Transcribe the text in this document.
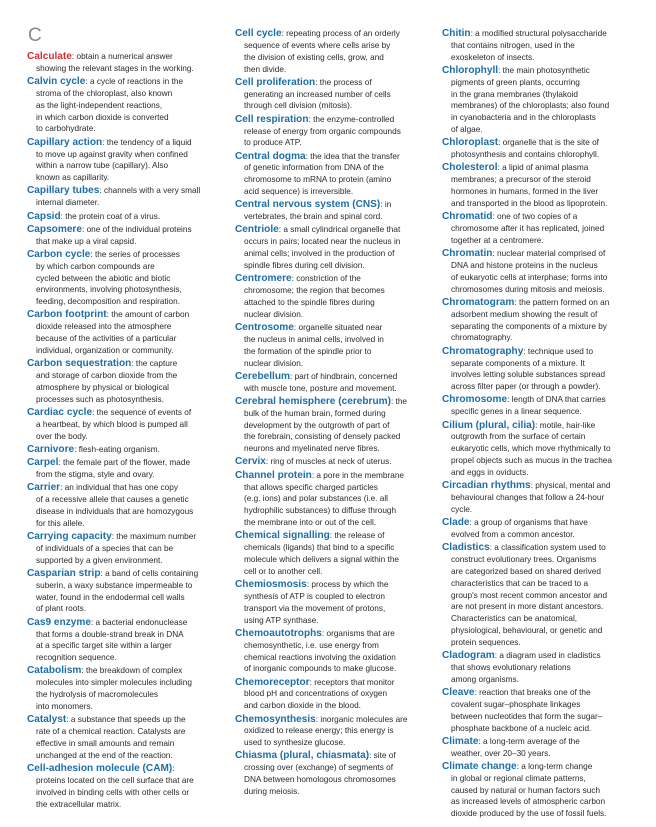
C
Calculate: obtain a numerical answer
showing the relevant stages in the working.
Calvin cycle: a cycle of reactions in the
stroma of the chloroplast, also known
as the light-independent reactions,
in which carbon dioxide is converted
to carbohydrate.
Capillary action: the tendency of a liquid
to move up against gravity when confined
within a narrow tube (capillary). Also
known as capillarity.
Capillary tubes: channels with a very small
internal diameter.
Capsid: the protein coat of a virus.
Capsomere: one of the individual proteins
that make up a viral capsid.
Carbon cycle: the series of processes
by which carbon compounds are
cycled between the abiotic and biotic
environments, involving photosynthesis,
feeding, decomposition and respiration.
Carbon footprint: the amount of carbon
dioxide released into the atmosphere
because of the activities of a particular
individual, organization or community.
Carbon sequestration: the capture
and storage of carbon dioxide from the
atmosphere by physical or biological
processes such as photosynthesis.
Cardiac cycle: the sequence of events of
a heartbeat, by which blood is pumped all
over the body.
Carnivore: flesh-eating organism.
Carpel: the female part of the flower, made
from the stigma, style and ovary.
Carrier: an individual that has one copy
of a recessive allele that causes a genetic
disease in individuals that are homozygous
for this allele.
Carrying capacity: the maximum number
of individuals of a species that can be
supported by a given environment.
Casparian strip: a band of cells containing
suberin, a waxy substance impermeable to
water, found in the endodermal cell walls
of plant roots.
Cas9 enzyme: a bacterial endonuclease
that forms a double-strand break in DNA
at a specific target site within a larger
recognition sequence.
Catabolism: the breakdown of complex
molecules into simpler molecules including
the hydrolysis of macromolecules
into monomers.
Catalyst: a substance that speeds up the
rate of a chemical reaction. Catalysts are
effective in small amounts and remain
unchanged at the end of the reaction.
Cell-adhesion molecule (CAM):
proteins located on the cell surface that are
involved in binding cells with other cells or
the extracellular matrix.
Cell cycle: repeating process of an orderly
sequence of events where cells arise by
the division of existing cells, grow, and
then divide.
Cell proliferation: the process of
generating an increased number of cells
through cell division (mitosis).
Cell respiration: the enzyme-controlled
release of energy from organic compounds
to produce ATP.
Central dogma: the idea that the transfer
of genetic information from DNA of the
chromosome to mRNA to protein (amino
acid sequence) is irreversible.
Central nervous system (CNS): in
vertebrates, the brain and spinal cord.
Centriole: a small cylindrical organelle that
occurs in pairs; located near the nucleus in
animal cells; involved in the production of
spindle fibres during cell division.
Centromere: constriction of the
chromosome; the region that becomes
attached to the spindle fibres during
nuclear division.
Centrosome: organelle situated near
the nucleus in animal cells, involved in
the formation of the spindle prior to
nuclear division.
Cerebellum: part of hindbrain, concerned
with muscle tone, posture and movement.
Cerebral hemisphere (cerebrum): the
bulk of the human brain, formed during
development by the outgrowth of part of
the forebrain, consisting of densely packed
neurons and myelinated nerve fibres.
Cervix: ring of muscles at neck of uterus.
Channel protein: a pore in the membrane
that allows specific charged particles
(e.g. ions) and polar substances (i.e. all
hydrophilic substances) to diffuse through
the membrane into or out of the cell.
Chemical signalling: the release of
chemicals (ligands) that bind to a specific
molecule which delivers a signal within the
cell or to another cell.
Chemiosmosis: process by which the
synthesis of ATP is coupled to electron
transport via the movement of protons,
using ATP synthase.
Chemoautotrophs: organisms that are
chemosynthetic, i.e. use energy from
chemical reactions involving the oxidation
of inorganic compounds to make glucose.
Chemoreceptor: receptors that monitor
blood pH and concentrations of oxygen
and carbon dioxide in the blood.
Chemosynthesis: inorganic molecules are
oxidized to release energy; this energy is
used to synthesize glucose.
Chiasma (plural, chiasmata): site of
crossing over (exchange) of segments of
DNA between homologous chromosomes
during meiosis.
Chitin: a modified structural polysaccharide
that contains nitrogen, used in the
exoskeleton of insects.
Chlorophyll: the main photosynthetic
pigments of green plants, occurring
in the grana membranes (thylakoid
membranes) of the chloroplasts; also found
in cyanobacteria and in the chloroplasts
of algae.
Chloroplast: organelle that is the site of
photosynthesis and contains chlorophyll.
Cholesterol: a lipid of animal plasma
membranes; a precursor of the steroid
hormones in humans, formed in the liver
and transported in the blood as lipoprotein.
Chromatid: one of two copies of a
chromosome after it has replicated, joined
together at a centromere.
Chromatin: nuclear material comprised of
DNA and histone proteins in the nucleus
of eukaryotic cells at interphase; forms into
chromosomes during mitosis and meiosis.
Chromatogram: the pattern formed on an
adsorbent medium showing the result of
separating the components of a mixture by
chromatography.
Chromatography: technique used to
separate components of a mixture. It
involves letting soluble substances spread
across filter paper (or through a powder).
Chromosome: length of DNA that carries
specific genes in a linear sequence.
Cilium (plural, cilia): motile, hair-like
outgrowth from the surface of certain
eukaryotic cells, which move rhythmically to
propel objects such as mucus in the trachea
and eggs in oviducts.
Circadian rhythms: physical, mental and
behavioural changes that follow a 24-hour
cycle.
Clade: a group of organisms that have
evolved from a common ancestor.
Cladistics: a classification system used to
construct evolutionary trees. Organisms
are categorized based on shared derived
characteristics that can be traced to a
group's most recent common ancestor and
are not present in more distant ancestors.
Characteristics can be anatomical,
physiological, behavioural, or genetic and
protein sequences.
Cladogram: a diagram used in cladistics
that shows evolutionary relations
among organisms.
Cleave: reaction that breaks one of the
covalent sugar–phosphate linkages
between nucleotides that form the sugar–
phosphate backbone of a nucleic acid.
Climate: a long-term average of the
weather, over 20–30 years.
Climate change: a long-term change
in global or regional climate patterns,
caused by natural or human factors such
as increased levels of atmospheric carbon
dioxide produced by the use of fossil fuels.
